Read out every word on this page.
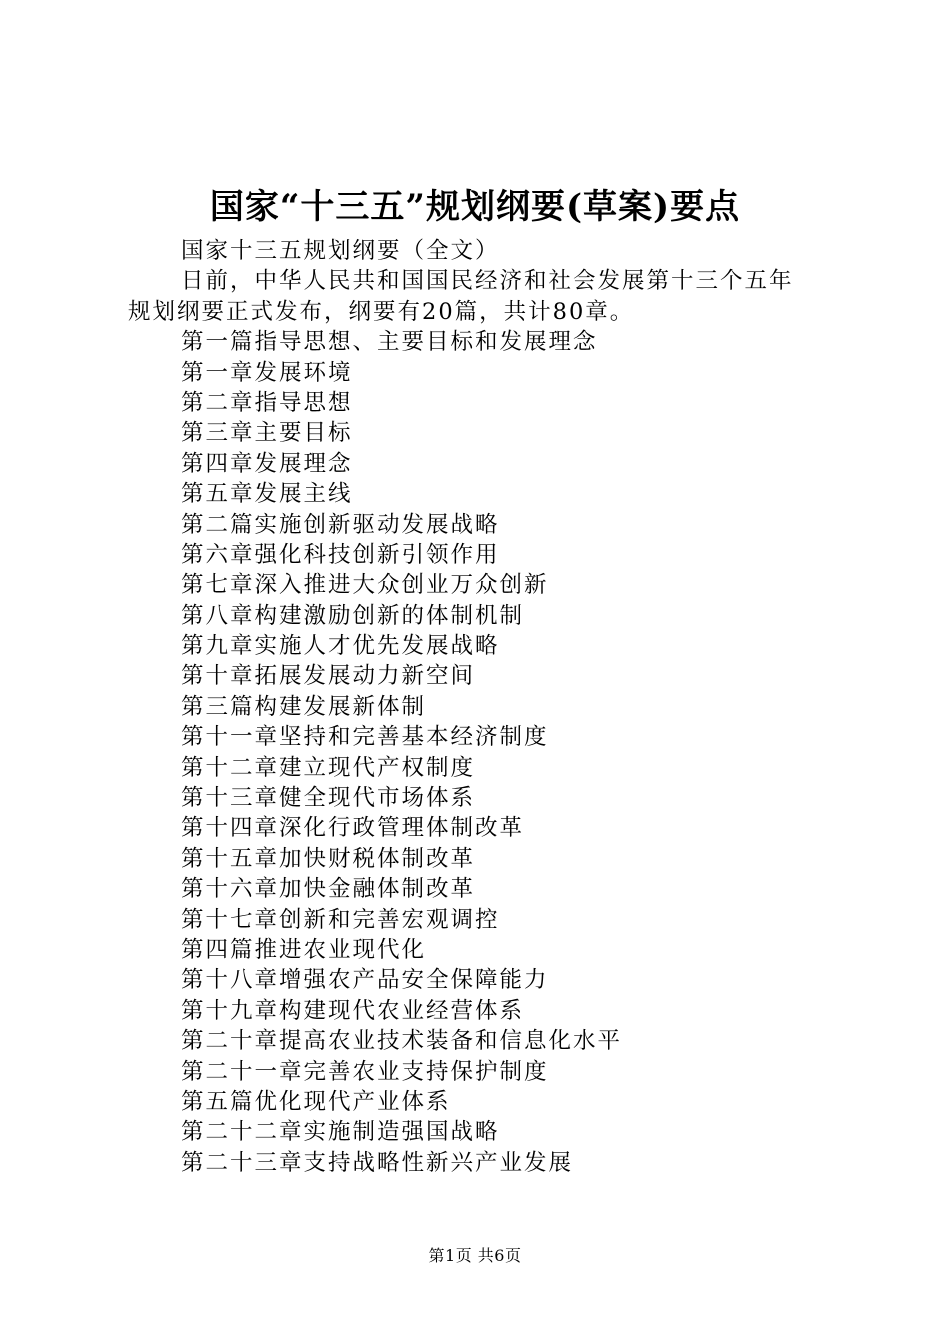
国家“十三五”规划纲要(草案)要点
国家十三五规划纲要（全文）
日前，中华人民共和国国民经济和社会发展第十三个五年
规划纲要正式发布，纲要有20篇，共计80章。
第一篇指导思想、主要目标和发展理念
第一章发展环境
第二章指导思想
第三章主要目标
第四章发展理念
第五章发展主线
第二篇实施创新驱动发展战略
第六章强化科技创新引领作用
第七章深入推进大众创业万众创新
第八章构建激励创新的体制机制
第九章实施人才优先发展战略
第十章拓展发展动力新空间
第三篇构建发展新体制
第十一章坚持和完善基本经济制度
第十二章建立现代产权制度
第十三章健全现代市场体系
第十四章深化行政管理体制改革
第十五章加快财税体制改革
第十六章加快金融体制改革
第十七章创新和完善宏观调控
第四篇推进农业现代化
第十八章增强农产品安全保障能力
第十九章构建现代农业经营体系
第二十章提高农业技术装备和信息化水平
第二十一章完善农业支持保护制度
第五篇优化现代产业体系
第二十二章实施制造强国战略
第二十三章支持战略性新兴产业发展
第1页 共6页
